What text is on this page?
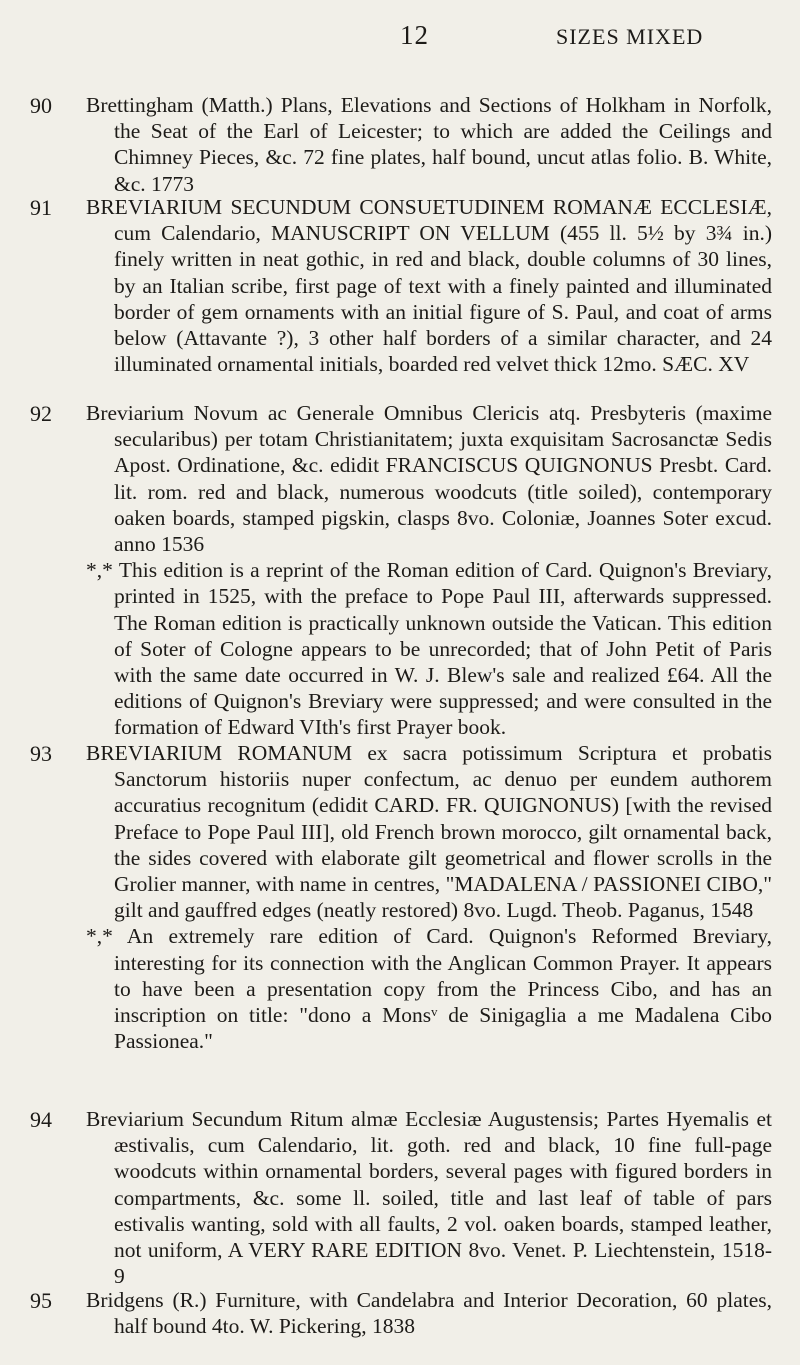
12	SIZES MIXED
90 Brettingham (Matth.) Plans, Elevations and Sections of Holkham in Norfolk, the Seat of the Earl of Leicester; to which are added the Ceilings and Chimney Pieces, &c. 72 fine plates, half bound, uncut atlas folio. B. White, &c. 1773

91 BREVIARIUM SECUNDUM CONSUETUDINEM ROMANÆ ECCLESIÆ, cum Calendario, MANUSCRIPT ON VELLUM (455 ll. 5½ by 3¾ in.) finely written in neat gothic, in red and black, double columns of 30 lines, by an Italian scribe, first page of text with a finely painted and illuminated border of gem ornaments with an initial figure of S. Paul, and coat of arms below (Attavante ?), 3 other half borders of a similar character, and 24 illuminated ornamental initials, boarded red velvet thick 12mo. SÆC. XV

92 Breviarium Novum ac Generale Omnibus Clericis atq. Presbyteris (maxime secularibus) per totam Christianitatem; juxta exquisitam Sacrosanctæ Sedis Apost. Ordinatione, &c. edidit FRANCISCUS QUIGNONUS Presbt. Card. lit. rom. red and black, numerous woodcuts (title soiled), contemporary oaken boards, stamped pigskin, clasps 8vo. Coloniæ, Joannes Soter excud. anno 1536

*,* This edition is a reprint of the Roman edition of Card. Quignon's Breviary, printed in 1525, with the preface to Pope Paul III, afterwards suppressed. The Roman edition is practically unknown outside the Vatican. This edition of Soter of Cologne appears to be unrecorded; that of John Petit of Paris with the same date occurred in W. J. Blew's sale and realized £64. All the editions of Quignon's Breviary were suppressed; and were consulted in the formation of Edward VIth's first Prayer book.

93 BREVIARIUM ROMANUM ex sacra potissimum Scriptura et probatis Sanctorum historiis nuper confectum, ac denuo per eundem authorem accuratius recognitum (edidit CARD. FR. QUIGNONUS) [with the revised Preface to Pope Paul III], old French brown morocco, gilt ornamental back, the sides covered with elaborate gilt geometrical and flower scrolls in the Grolier manner, with name in centres, "MADALENA / PASSIONEI CIBO," gilt and gauffred edges (neatly restored) 8vo. Lugd. Theob. Paganus, 1548

*,* An extremely rare edition of Card. Quignon's Reformed Breviary, interesting for its connection with the Anglican Common Prayer. It appears to have been a presentation copy from the Princess Cibo, and has an inscription on title: "dono a Monsᵛ de Sinigaglia a me Madalena Cibo Passionea."

94 Breviarium Secundum Ritum almæ Ecclesiæ Augustensis; Partes Hyemalis et æstivalis, cum Calendario, lit. goth. red and black, 10 fine full-page woodcuts within ornamental borders, several pages with figured borders in compartments, &c. some ll. soiled, title and last leaf of table of pars estivalis wanting, sold with all faults, 2 vol. oaken boards, stamped leather, not uniform, A VERY RARE EDITION 8vo. Venet. P. Liechtenstein, 1518-9

95 Bridgens (R.) Furniture, with Candelabra and Interior Decoration, 60 plates, half bound 4to. W. Pickering, 1838
